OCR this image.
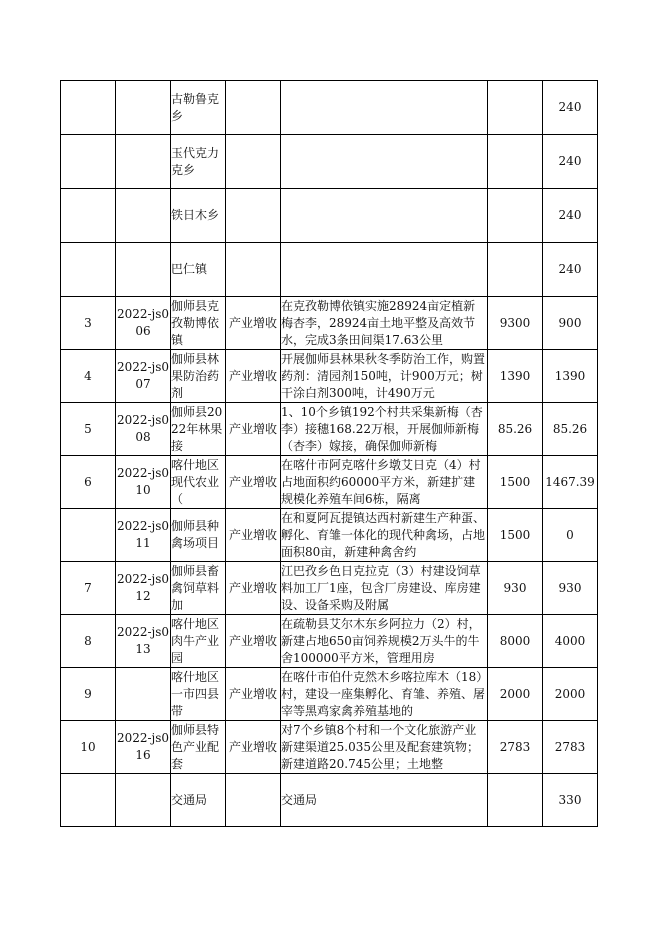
		古勒鲁克乡				240

		玉代克力克乡				240

		铁日木乡				240

		巴仁镇				240
3	2022-js006	伽师县克孜勒博依镇	产业增收	在克孜勒博依镇实施28924亩定植新梅杏李，28924亩土地平整及高效节水，完成3条田间渠17.63公里	9300	900
4	2022-js007	伽师县林果防治药剂	产业增收	开展伽师县林果秋冬季防治工作，购置药剂：清园剂150吨，计900万元；树干涂白剂300吨，计490万元	1390	1390
5	2022-js008	伽师县2022年林果接	产业增收	1、10个乡镇192个村共采集新梅（杏李）接穗168.22万根，开展伽师新梅（杏李）嫁接，确保伽师新梅	85.26	85.26
6	2022-js010	喀什地区现代农业（	产业增收	在喀什市阿克喀什乡墩艾日克（4）村占地面积约60000平方米，新建扩建规模化养殖车间6栋，隔离	1500	1467.39

	2022-js011	伽师县种禽场项目	产业增收	在和夏阿瓦提镇达西村新建生产种蛋、孵化、育雏一体化的现代种禽场，占地面积80亩，新建种禽舍约	1500	0
7	2022-js012	伽师县畜禽饲草料加	产业增收	江巴孜乡色日克拉克（3）村建设饲草料加工厂1座，包含厂房建设、库房建设、设备采购及附属	930	930
8	2022-js013	喀什地区肉牛产业园	产业增收	在疏勒县艾尔木东乡阿拉力（2）村，新建占地650亩饲养规模2万头牛的牛舍100000平方米，管理用房	8000	4000
9		喀什地区一市四县带	产业增收	在喀什市伯什克然木乡喀拉库木（18）村，建设一座集孵化、育雏、养殖、屠宰等黑鸡家禽养殖基地的	2000	2000
10	2022-js016	伽师县特色产业配套	产业增收	对7个乡镇8个村和一个文化旅游产业新建渠道25.035公里及配套建筑物；新建道路20.745公里；土地整	2783	2783

		交通局		交通局		330
